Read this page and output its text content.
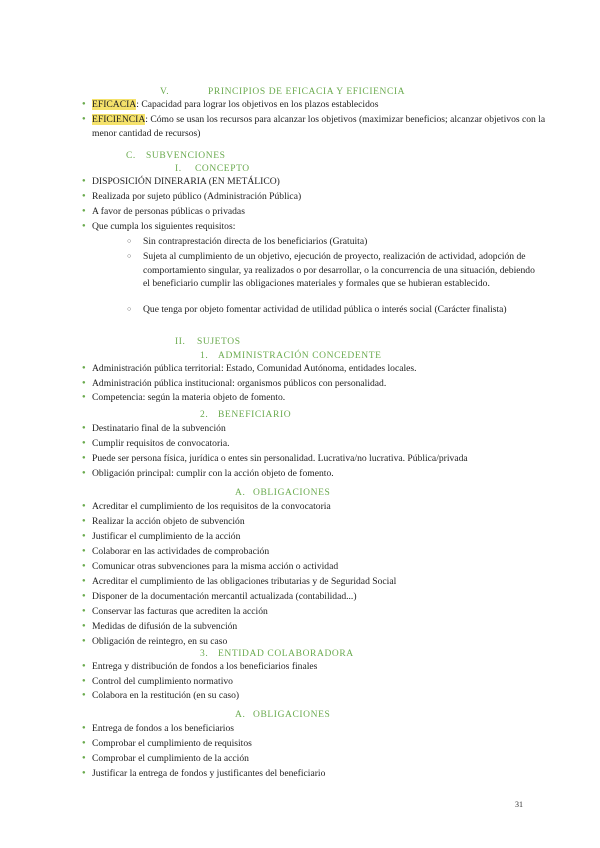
V.	PRINCIPIOS DE EFICACIA Y EFICIENCIA
● EFICACIA: Capacidad para lograr los objetivos en los plazos establecidos
● EFICIENCIA: Cómo se usan los recursos para alcanzar los objetivos (maximizar beneficios; alcanzar objetivos con la menor cantidad de recursos)
C. SUBVENCIONES
I. CONCEPTO
● DISPOSICIÓN DINERARIA (EN METÁLICO)
● Realizada por sujeto público (Administración Pública)
● A favor de personas públicas o privadas
● Que cumpla los siguientes requisitos:
○ Sin contraprestación directa de los beneficiarios (Gratuita)
○ Sujeta al cumplimiento de un objetivo, ejecución de proyecto, realización de actividad, adopción de comportamiento singular, ya realizados o por desarrollar, o la concurrencia de una situación, debiendo el beneficiario cumplir las obligaciones materiales y formales que se hubieran establecido.
○ Que tenga por objeto fomentar actividad de utilidad pública o interés social (Carácter finalista)
II. SUJETOS
1. ADMINISTRACIÓN CONCEDENTE
● Administración pública territorial: Estado, Comunidad Autónoma, entidades locales.
● Administración pública institucional: organismos públicos con personalidad.
● Competencia: según la materia objeto de fomento.
2. BENEFICIARIO
● Destinatario final de la subvención
● Cumplir requisitos de convocatoria.
● Puede ser persona física, jurídica o entes sin personalidad. Lucrativa/no lucrativa. Pública/privada
● Obligación principal: cumplir con la acción objeto de fomento.
A. OBLIGACIONES
● Acreditar el cumplimiento de los requisitos de la convocatoria
● Realizar la acción objeto de subvención
● Justificar el cumplimiento de la acción
● Colaborar en las actividades de comprobación
● Comunicar otras subvenciones para la misma acción o actividad
● Acreditar el cumplimiento de las obligaciones tributarias y de Seguridad Social
● Disponer de la documentación mercantil actualizada (contabilidad...)
● Conservar las facturas que acrediten la acción
● Medidas de difusión de la subvención
● Obligación de reintegro, en su caso
3. ENTIDAD COLABORADORA
● Entrega y distribución de fondos a los beneficiarios finales
● Control del cumplimiento normativo
● Colabora en la restitución (en su caso)
A. OBLIGACIONES
● Entrega de fondos a los beneficiarios
● Comprobar el cumplimiento de requisitos
● Comprobar el cumplimiento de la acción
● Justificar la entrega de fondos y justificantes del beneficiario
31
